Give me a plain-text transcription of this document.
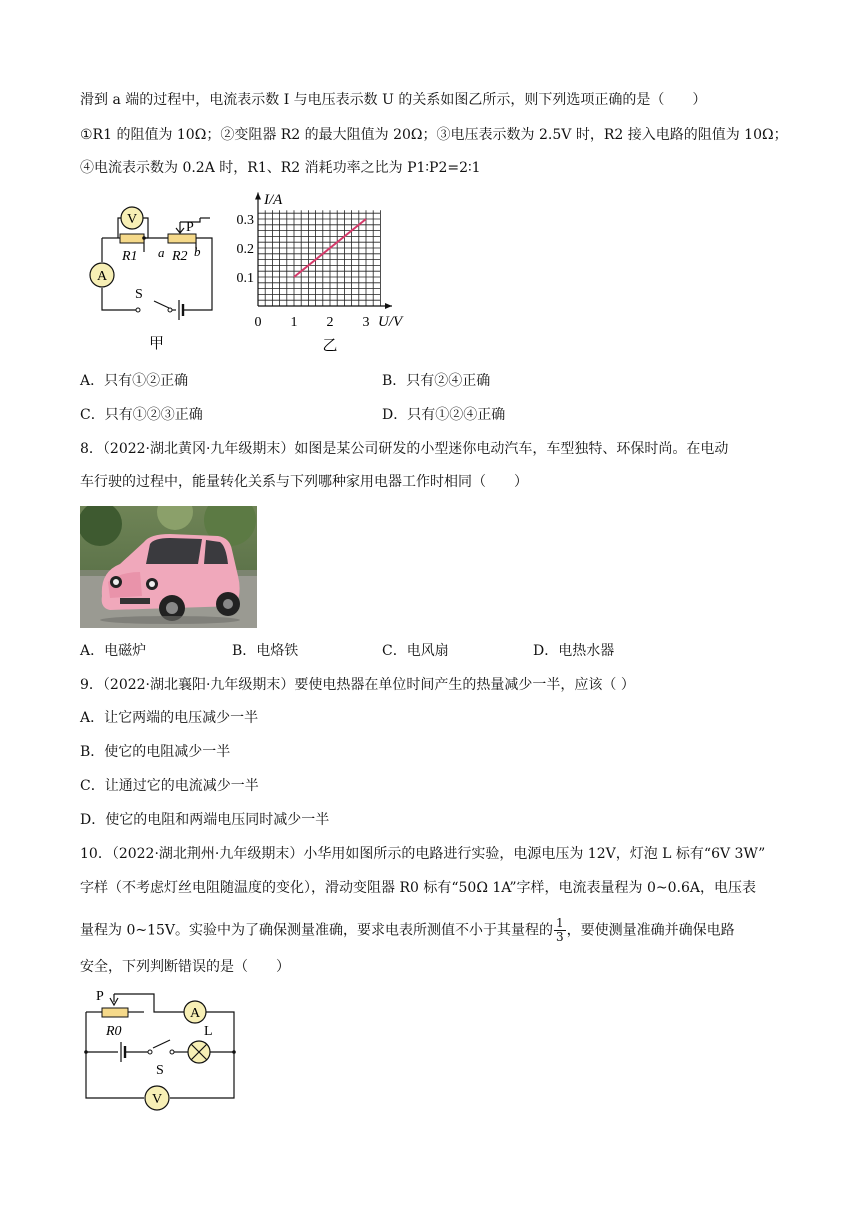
滑到 a 端的过程中，电流表示数 I 与电压表示数 U 的关系如图乙所示，则下列选项正确的是（　　）
①R1 的阻值为 10Ω；②变阻器 R2 的最大阻值为 20Ω；③电压表示数为 2.5V 时，R2 接入电路的阻值为 10Ω；
④电流表示数为 0.2A 时，R1、R2 消耗功率之比为 P1∶P2=2∶1
V
A
P
R1 a R2 b
S
甲
0 1 2 3
0.1
0.2
0.3
I/A
U/V
乙
A．只有①②正确	B．只有②④正确
C．只有①②③正确	D．只有①②④正确
8．（2022·湖北黄冈·九年级期末）如图是某公司研发的小型迷你电动汽车，车型独特、环保时尚。在电动
车行驶的过程中，能量转化关系与下列哪种家用电器工作时相同（　　）
A．电磁炉	B．电烙铁	C．电风扇	D．电热水器
9．（2022·湖北襄阳·九年级期末）要使电热器在单位时间产生的热量减少一半，应该（ ）
A．让它两端的电压减少一半
B．使它的电阻减少一半
C．让通过它的电流减少一半
D．使它的电阻和两端电压同时减少一半
10．（2022·湖北荆州·九年级期末）小华用如图所示的电路进行实验，电源电压为 12V，灯泡 L 标有“6V 3W”
字样（不考虑灯丝电阻随温度的变化），滑动变阻器 R0 标有“50Ω 1A”字样，电流表量程为 0~0.6A，电压表
量程为 0~15V。实验中为了确保测量准确，要求电表所测值不小于其量程的 $\frac{1}{3}$ ，要使测量准确并确保电路
安全，下列判断错误的是（　　）
P
R0
A
L
S
V
